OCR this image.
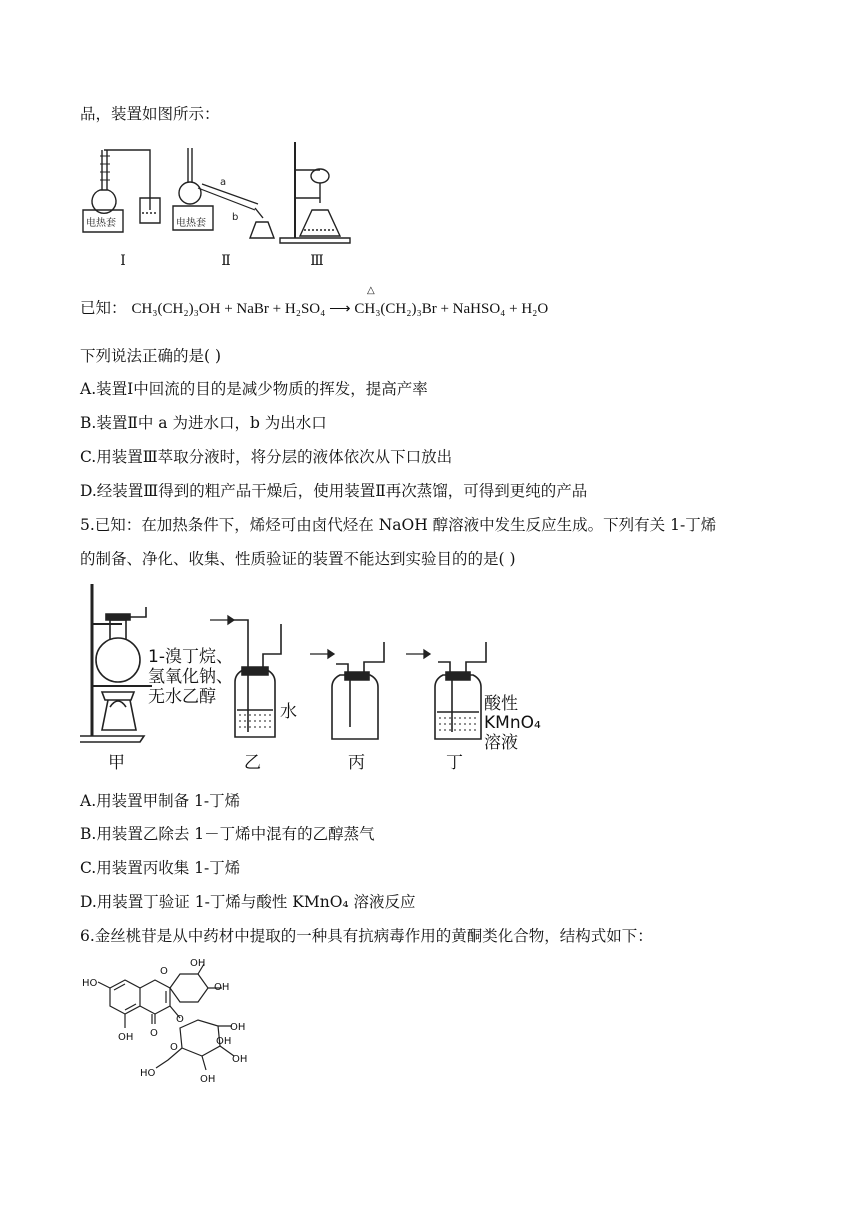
品，装置如图所示：
电热套	电热套
a
b
Ⅰ	Ⅱ	Ⅲ
已知： CH₃(CH₂)₃OH + NaBr + H₂SO₄ ⟶ CH₃(CH₂)₃Br + NaHSO₄ + H₂O
△
下列说法正确的是( )
A.装置Ⅰ中回流的目的是减少物质的挥发，提高产率
B.装置Ⅱ中 a 为进水口，b 为出水口
C.用装置Ⅲ萃取分液时，将分层的液体依次从下口放出
D.经装置Ⅲ得到的粗产品干燥后，使用装置Ⅱ再次蒸馏，可得到更纯的产品
5.已知：在加热条件下，烯烃可由卤代烃在 NaOH 醇溶液中发生反应生成。下列有关 1-丁烯
的制备、净化、收集、性质验证的装置不能达到实验目的的是( )
1-溴丁烷、
氢氧化钠、
无水乙醇
水	酸性
KMnO₄
溶液
甲	乙	丙	丁
A.用装置甲制备 1-丁烯
B.用装置乙除去 1－丁烯中混有的乙醇蒸气
C.用装置丙收集 1-丁烯
D.用装置丁验证 1-丁烯与酸性 KMnO₄ 溶液反应
6.金丝桃苷是从中药材中提取的一种具有抗病毒作用的黄酮类化合物，结构式如下：
OH
OH
HO
O
O
OH
O
OH
O
OH
HO
OH
OH
